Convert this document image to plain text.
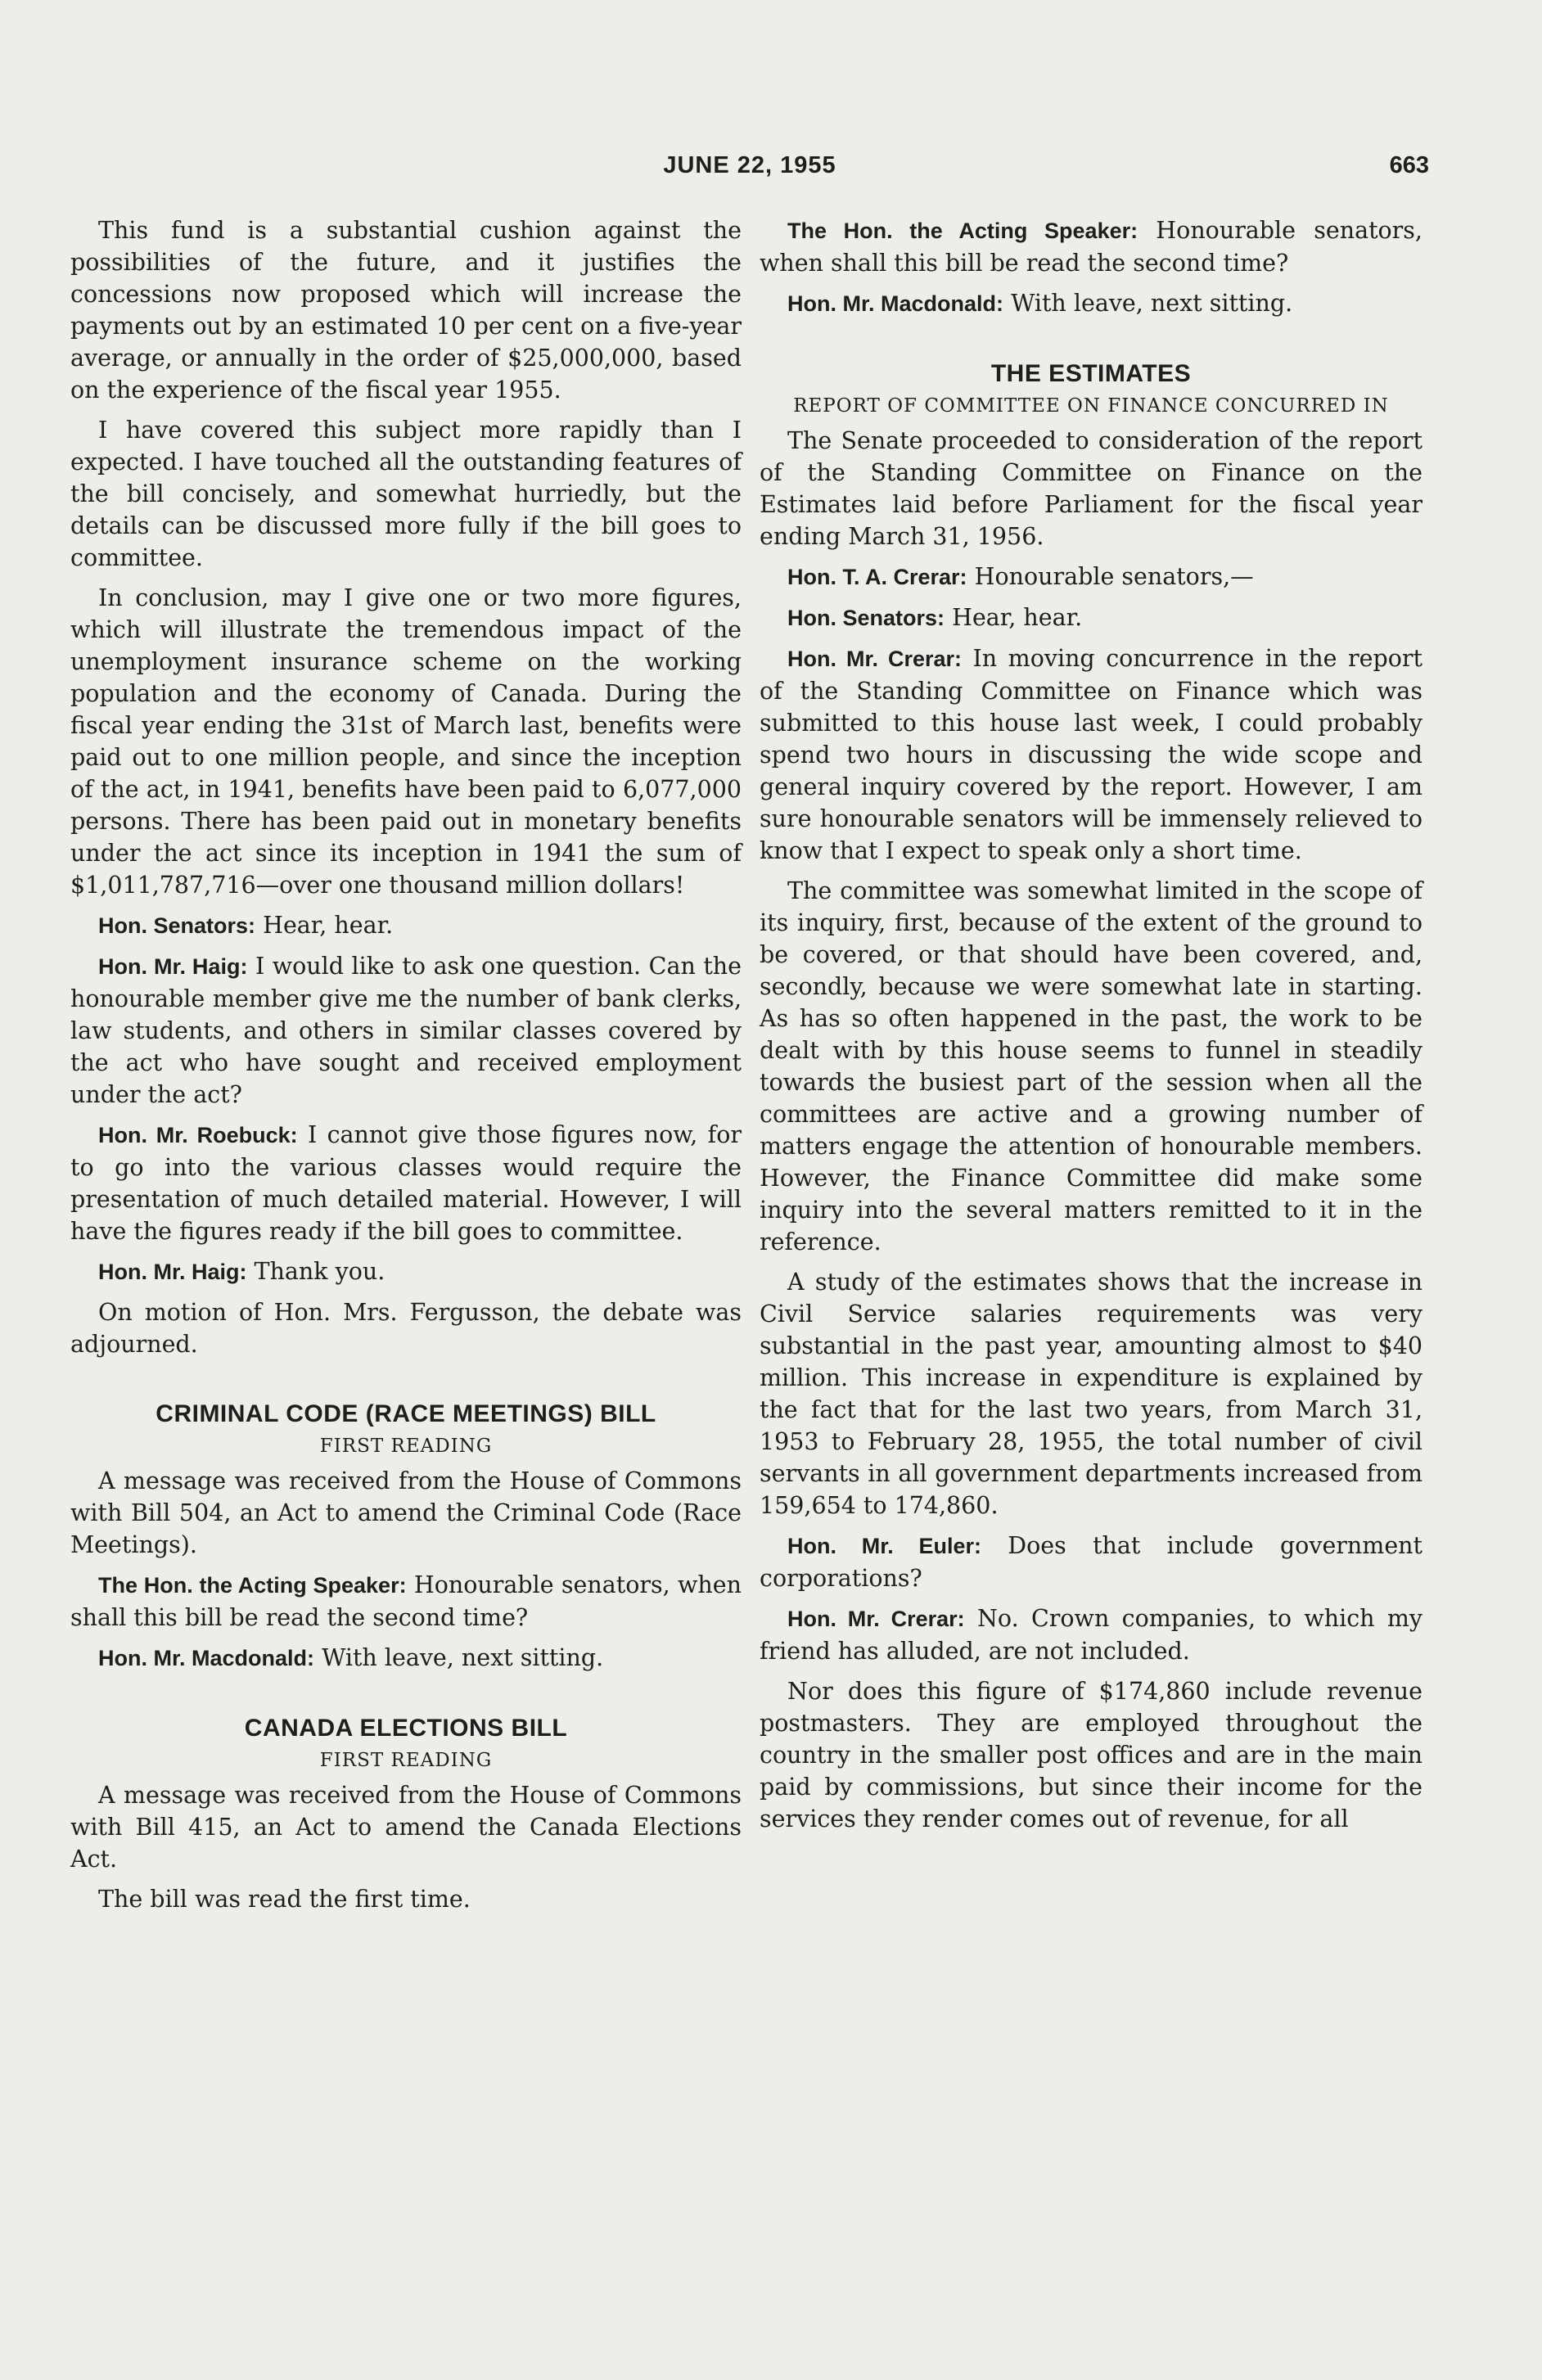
JUNE 22, 1955	663

This fund is a substantial cushion against the possibilities of the future, and it justifies the concessions now proposed which will increase the payments out by an estimated 10 per cent on a five-year average, or annually in the order of $25,000,000, based on the experience of the fiscal year 1955.

I have covered this subject more rapidly than I expected. I have touched all the outstanding features of the bill concisely, and somewhat hurriedly, but the details can be discussed more fully if the bill goes to committee.

In conclusion, may I give one or two more figures, which will illustrate the tremendous impact of the unemployment insurance scheme on the working population and the economy of Canada. During the fiscal year ending the 31st of March last, benefits were paid out to one million people, and since the inception of the act, in 1941, benefits have been paid to 6,077,000 persons. There has been paid out in monetary benefits under the act since its inception in 1941 the sum of $1,011,787,716—over one thousand million dollars!

Hon. Senators: Hear, hear.

Hon. Mr. Haig: I would like to ask one question. Can the honourable member give me the number of bank clerks, law students, and others in similar classes covered by the act who have sought and received employment under the act?

Hon. Mr. Roebuck: I cannot give those figures now, for to go into the various classes would require the presentation of much detailed material. However, I will have the figures ready if the bill goes to committee.

Hon. Mr. Haig: Thank you.

On motion of Hon. Mrs. Fergusson, the debate was adjourned.

CRIMINAL CODE (RACE MEETINGS) BILL
FIRST READING

A message was received from the House of Commons with Bill 504, an Act to amend the Criminal Code (Race Meetings).

The Hon. the Acting Speaker: Honourable senators, when shall this bill be read the second time?

Hon. Mr. Macdonald: With leave, next sitting.

CANADA ELECTIONS BILL
FIRST READING

A message was received from the House of Commons with Bill 415, an Act to amend the Canada Elections Act.

The bill was read the first time.

The Hon. the Acting Speaker: Honourable senators, when shall this bill be read the second time?

Hon. Mr. Macdonald: With leave, next sitting.

THE ESTIMATES
REPORT OF COMMITTEE ON FINANCE CONCURRED IN

The Senate proceeded to consideration of the report of the Standing Committee on Finance on the Estimates laid before Parliament for the fiscal year ending March 31, 1956.

Hon. T. A. Crerar: Honourable senators,—

Hon. Senators: Hear, hear.

Hon. Mr. Crerar: In moving concurrence in the report of the Standing Committee on Finance which was submitted to this house last week, I could probably spend two hours in discussing the wide scope and general inquiry covered by the report. However, I am sure honourable senators will be immensely relieved to know that I expect to speak only a short time.

The committee was somewhat limited in the scope of its inquiry, first, because of the extent of the ground to be covered, or that should have been covered, and, secondly, because we were somewhat late in starting. As has so often happened in the past, the work to be dealt with by this house seems to funnel in steadily towards the busiest part of the session when all the committees are active and a growing number of matters engage the attention of honourable members. However, the Finance Committee did make some inquiry into the several matters remitted to it in the reference.

A study of the estimates shows that the increase in Civil Service salaries requirements was very substantial in the past year, amounting almost to $40 million. This increase in expenditure is explained by the fact that for the last two years, from March 31, 1953 to February 28, 1955, the total number of civil servants in all government departments increased from 159,654 to 174,860.

Hon. Mr. Euler: Does that include government corporations?

Hon. Mr. Crerar: No. Crown companies, to which my friend has alluded, are not included.

Nor does this figure of $174,860 include revenue postmasters. They are employed throughout the country in the smaller post offices and are in the main paid by commissions, but since their income for the services they render comes out of revenue, for all
